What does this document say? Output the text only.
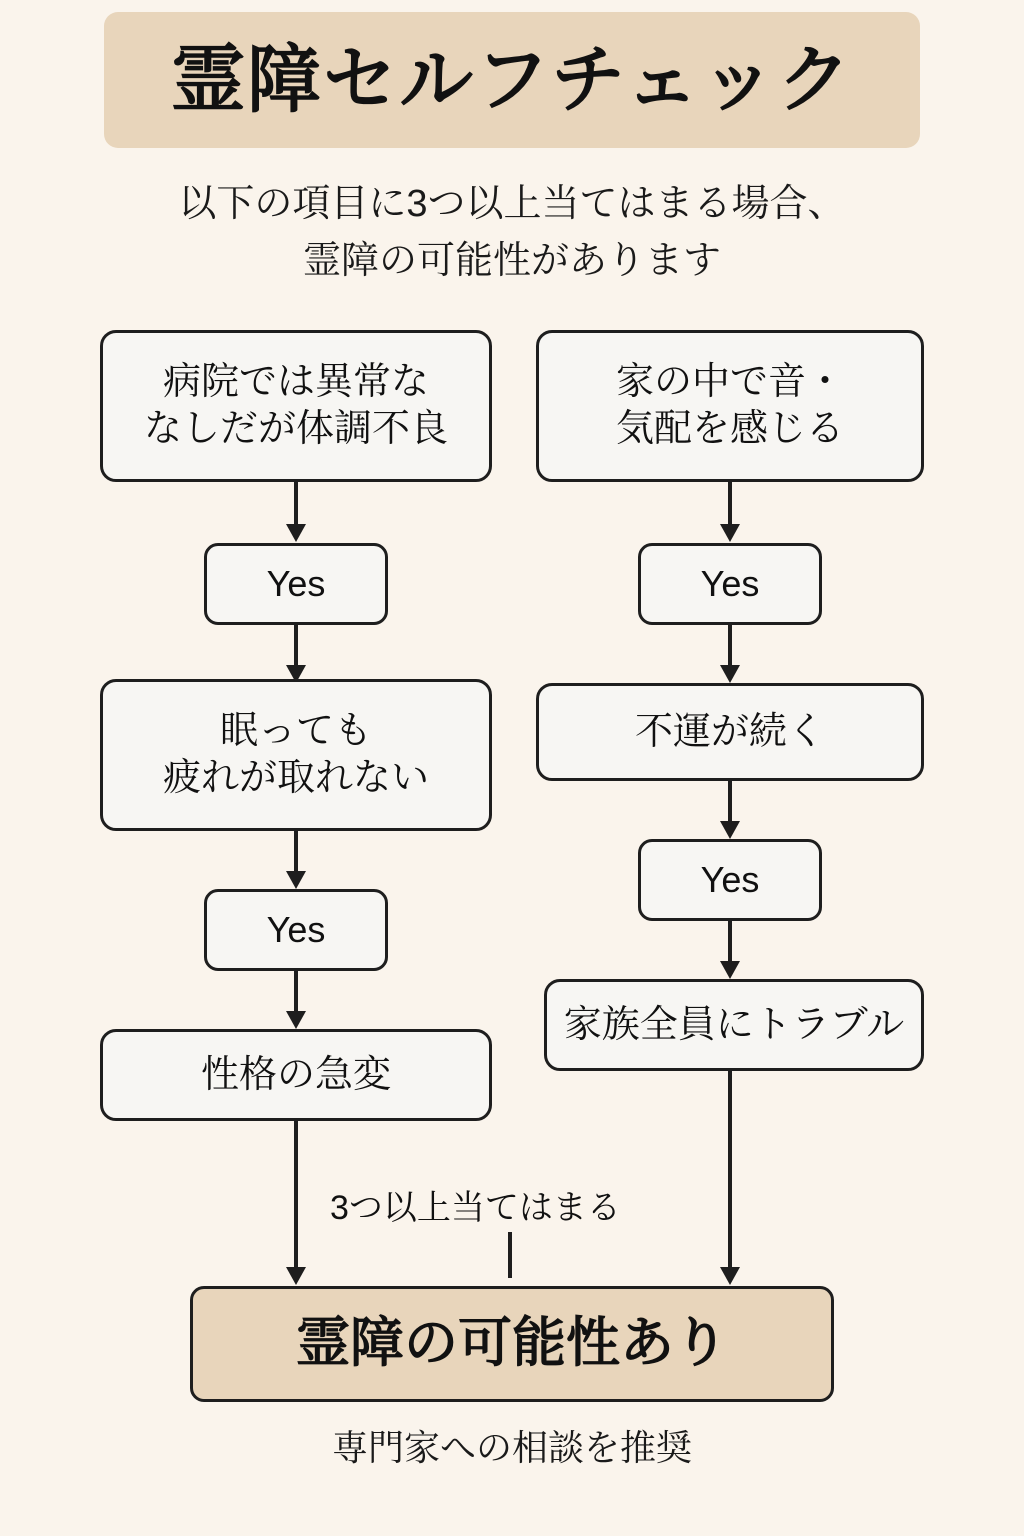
霊障セルフチェック
以下の項目に3つ以上当てはまる場合、
霊障の可能性があります
病院では異常な
なしだが体調不良
Yes
眠っても
疲れが取れない
Yes
性格の急変
家の中で音・
気配を感じる
Yes
不運が続く
Yes
家族全員にトラブル
3つ以上当てはまる
霊障の可能性あり
専門家への相談を推奨
